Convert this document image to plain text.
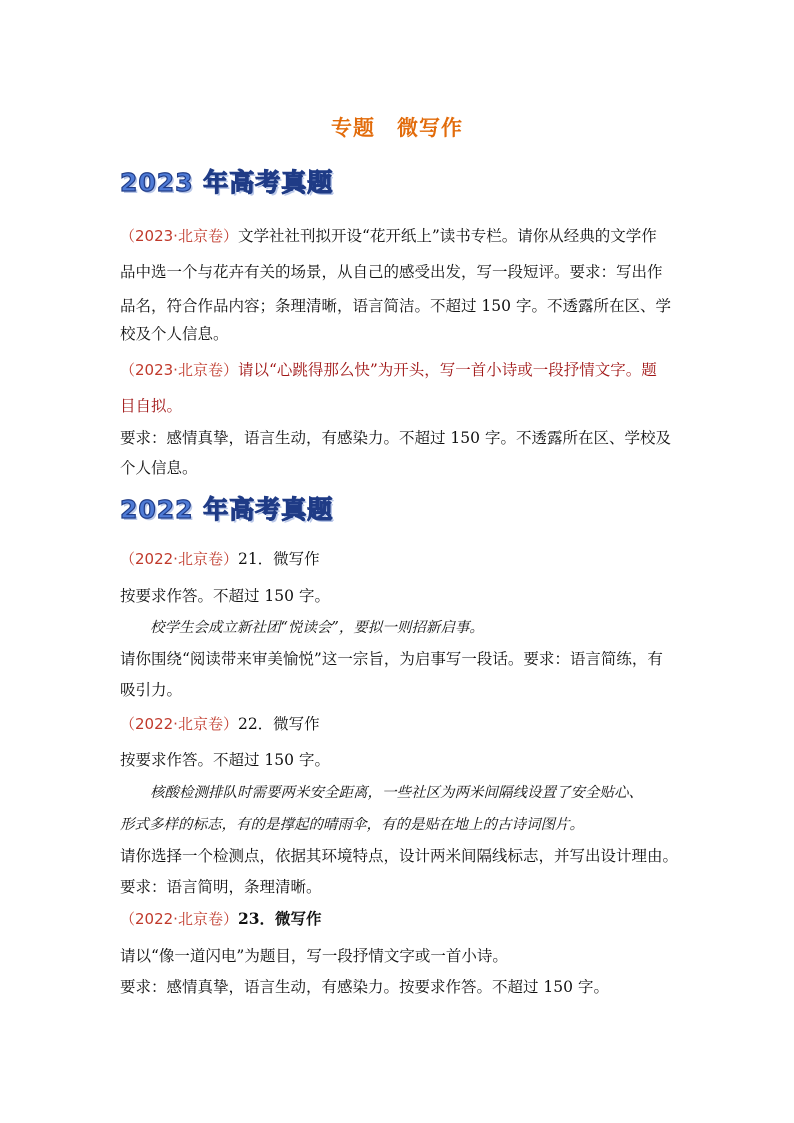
专题 微写作
2023 年高考真题
（2023·北京卷）文学社社刊拟开设“花开纸上”读书专栏。请你从经典的文学作
品中选一个与花卉有关的场景，从自己的感受出发，写一段短评。要求：写出作
品名，符合作品内容；条理清晰，语言简洁。不超过 150 字。不透露所在区、学
校及个人信息。
（2023·北京卷）请以“心跳得那么快”为开头，写一首小诗或一段抒情文字。题
目自拟。
要求：感情真挚，语言生动，有感染力。不超过 150 字。不透露所在区、学校及
个人信息。
2022 年高考真题
（2022·北京卷）21．微写作
按要求作答。不超过 150 字。
校学生会成立新社团“悦读会”，要拟一则招新启事。
请你围绕“阅读带来审美愉悦”这一宗旨，为启事写一段话。要求：语言简练，有
吸引力。
（2022·北京卷）22．微写作
按要求作答。不超过 150 字。
核酸检测排队时需要两米安全距离，一些社区为两米间隔线设置了安全贴心、
形式多样的标志，有的是撑起的晴雨伞，有的是贴在地上的古诗词图片。
请你选择一个检测点，依据其环境特点，设计两米间隔线标志，并写出设计理由。
要求：语言简明，条理清晰。
（2022·北京卷）23．微写作
请以“像一道闪电”为题目，写一段抒情文字或一首小诗。
要求：感情真挚，语言生动，有感染力。按要求作答。不超过 150 字。
